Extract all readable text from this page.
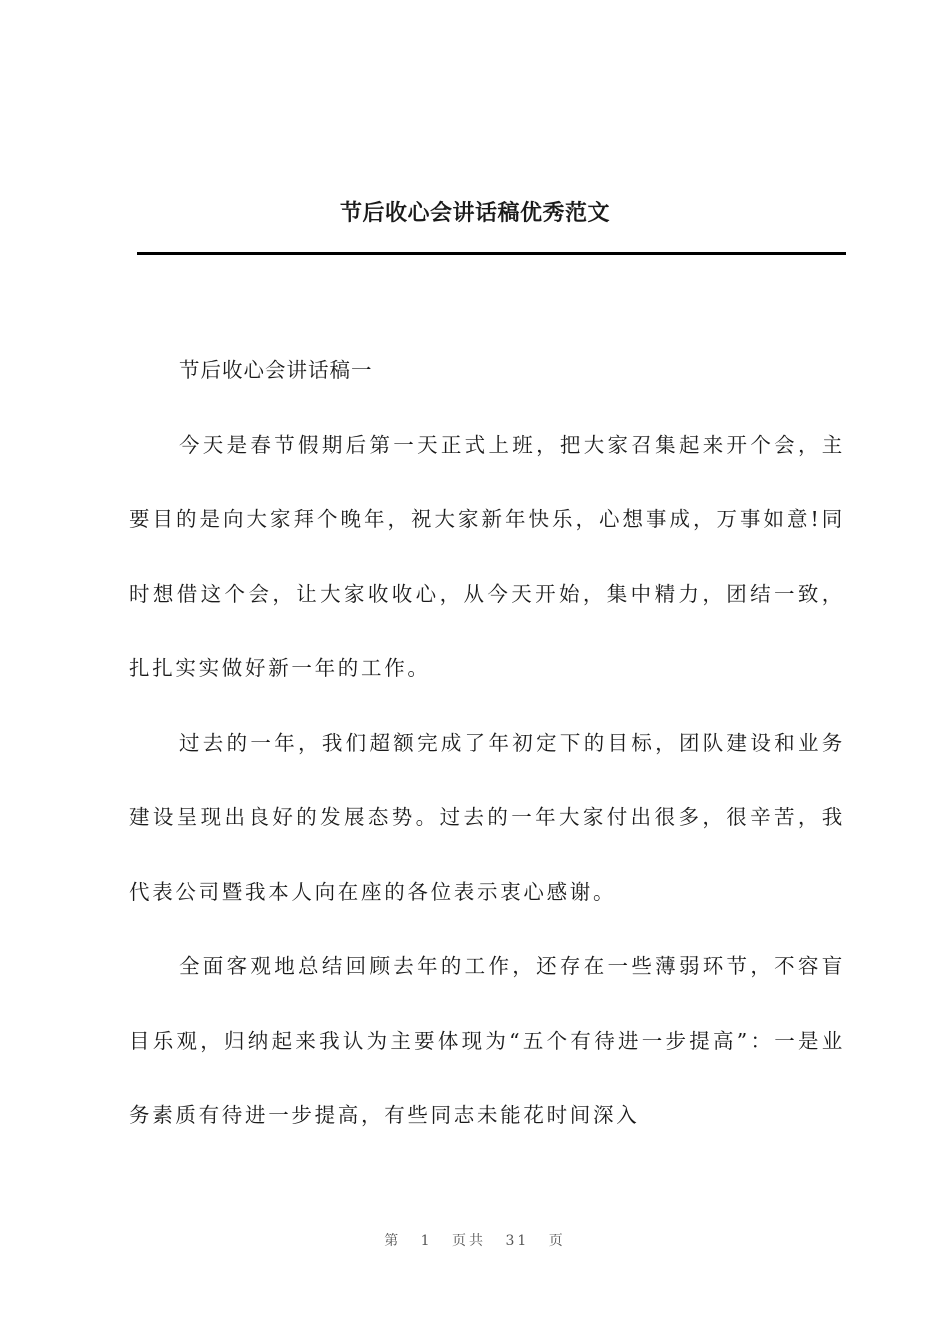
节后收心会讲话稿优秀范文

节后收心会讲话稿一

今天是春节假期后第一天正式上班，把大家召集起来开个会，主要目的是向大家拜个晚年，祝大家新年快乐，心想事成，万事如意!同时想借这个会，让大家收收心，从今天开始，集中精力，团结一致，扎扎实实做好新一年的工作。

过去的一年，我们超额完成了年初定下的目标，团队建设和业务建设呈现出良好的发展态势。过去的一年大家付出很多，很辛苦，我代表公司暨我本人向在座的各位表示衷心感谢。

全面客观地总结回顾去年的工作，还存在一些薄弱环节，不容盲目乐观，归纳起来我认为主要体现为“五个有待进一步提高”：一是业务素质有待进一步提高，有些同志未能花时间深入

第 1 页共 31 页
